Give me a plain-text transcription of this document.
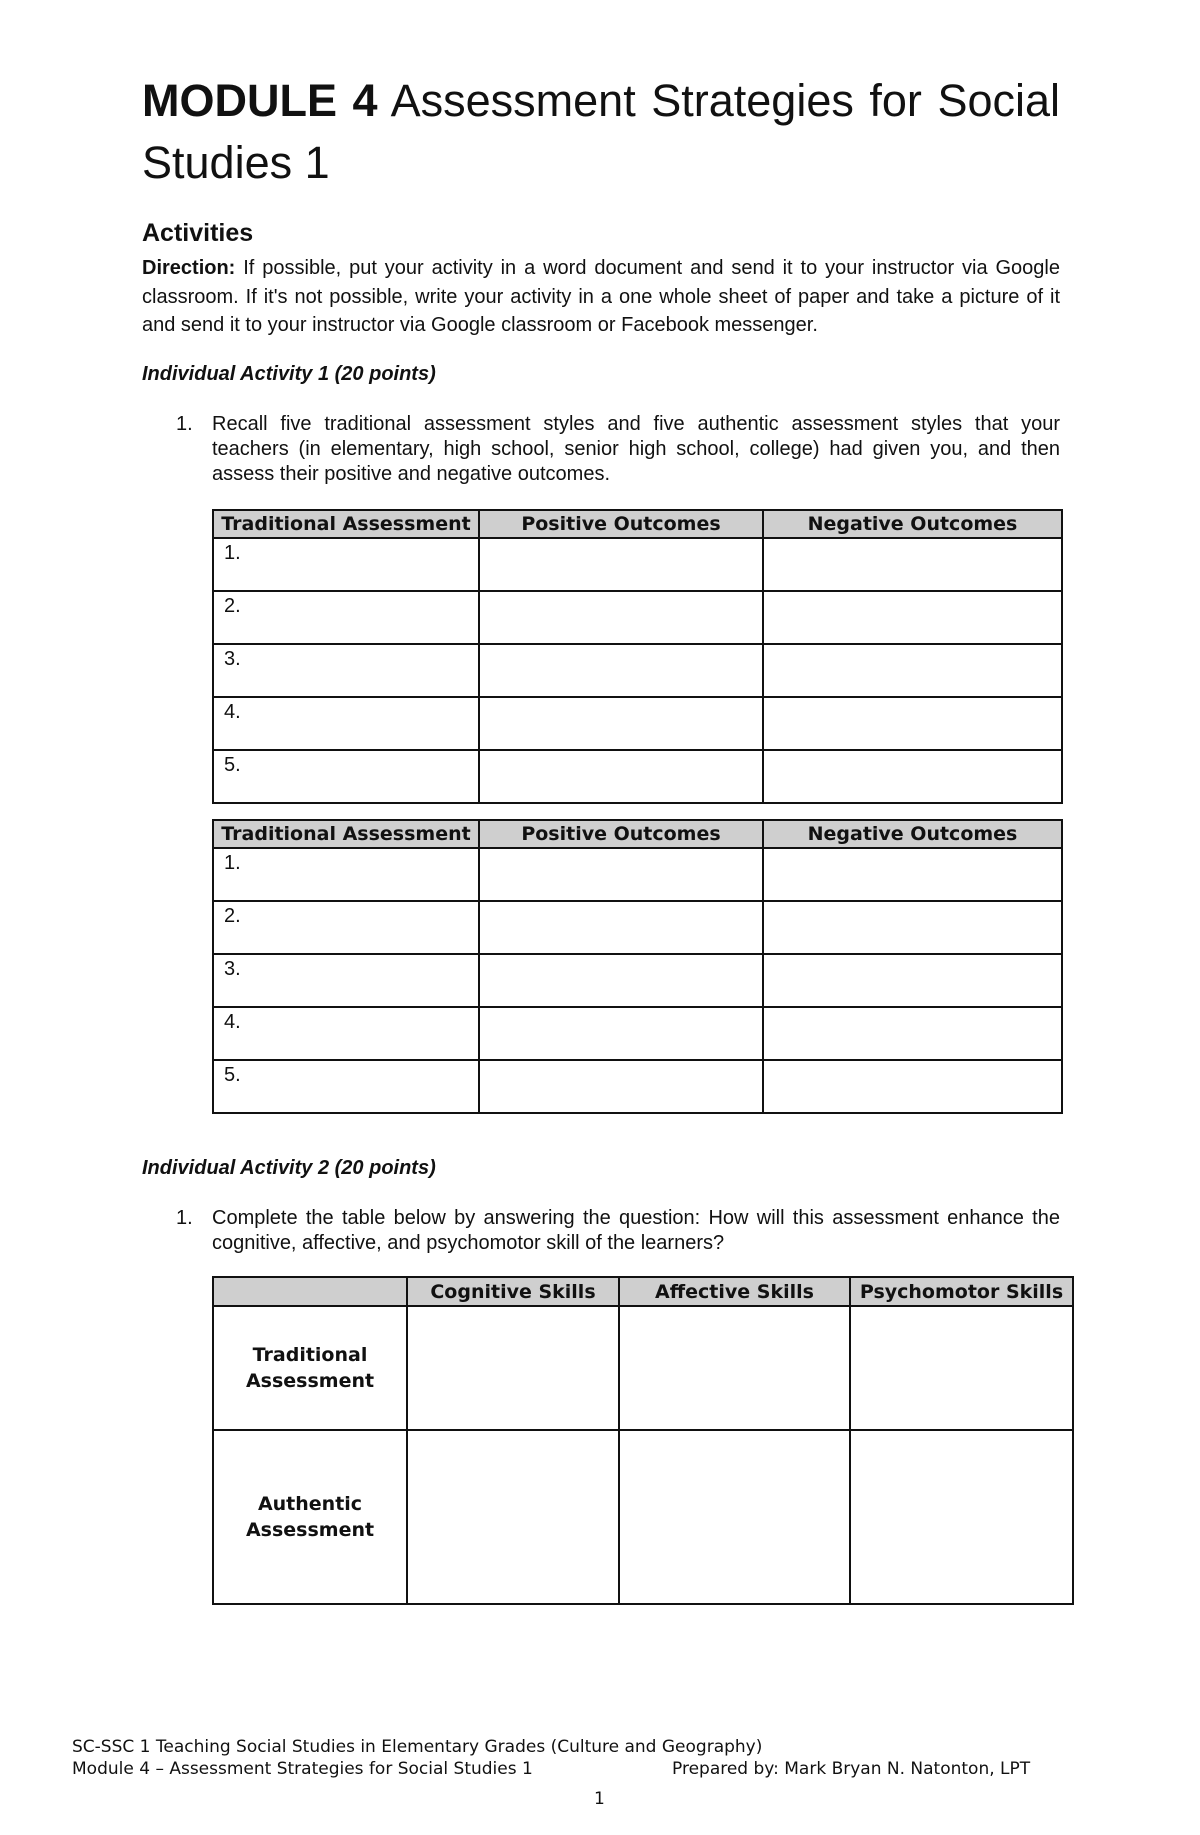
MODULE 4 Assessment Strategies for Social Studies 1
Activities

Direction: If possible, put your activity in a word document and send it to your instructor via Google classroom. If it's not possible, write your activity in a one whole sheet of paper and take a picture of it and send it to your instructor via Google classroom or Facebook messenger.

Individual Activity 1 (20 points)

1. Recall five traditional assessment styles and five authentic assessment styles that your teachers (in elementary, high school, senior high school, college) had given you, and then assess their positive and negative outcomes.
Traditional Assessment	Positive Outcomes	Negative Outcomes
1.		
2.		
3.		
4.		
5.		
Traditional Assessment	Positive Outcomes	Negative Outcomes
1.		
2.		
3.		
4.		
5.		

Individual Activity 2 (20 points)

1. Complete the table below by answering the question: How will this assessment enhance the cognitive, affective, and psychomotor skill of the learners?
	Cognitive Skills	Affective Skills	Psychomotor Skills
Traditional
Assessment			
Authentic
Assessment			

SC-SSC 1 Teaching Social Studies in Elementary Grades (Culture and Geography)

Module 4 – Assessment Strategies for Social Studies 1	Prepared by: Mark Bryan N. Natonton, LPT

1
